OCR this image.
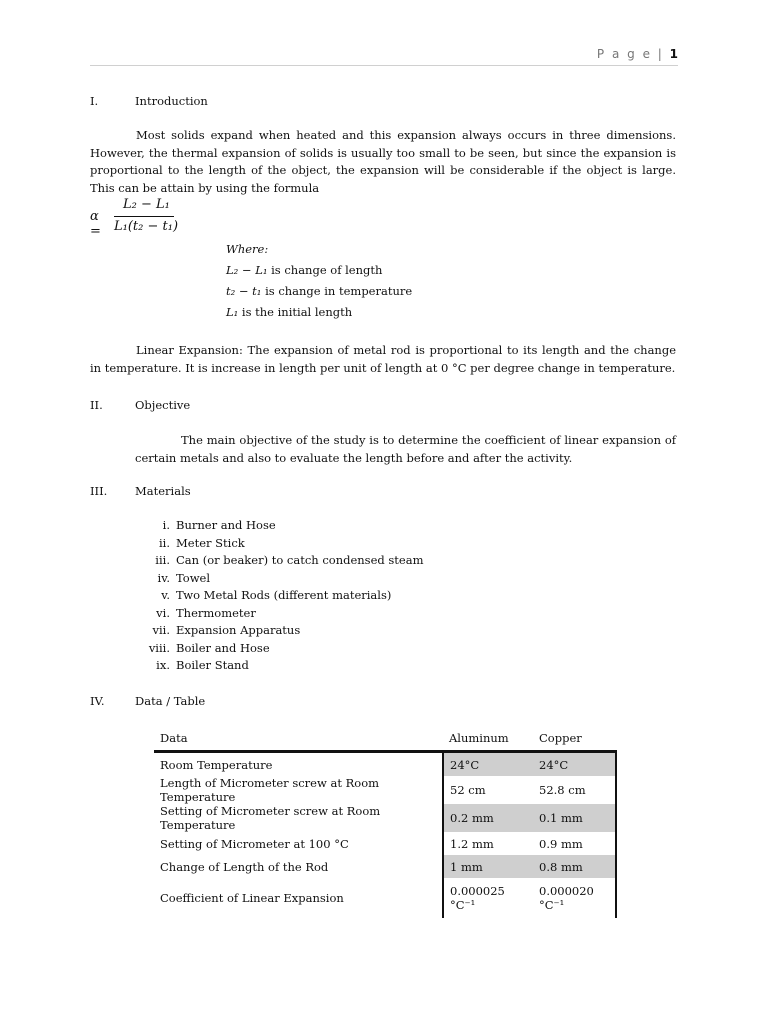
P a g e | 1
I.	Introduction
Most solids expand when heated and this expansion always occurs in three dimensions. However, the thermal expansion of solids is usually too small to be seen, but since the expansion is proportional to the length of the object, the expansion will be considerable if the object is large. This can be attain by using the formula
α =
L₂ − L₁
L₁(t₂ − t₁)
Where:
L₂ − L₁ is change of length
t₂ − t₁ is change in temperature
L₁ is the initial length
Linear Expansion: The expansion of metal rod is proportional to its length and the change in temperature. It is increase in length per unit of length at 0 °C per degree change in temperature.
II.	Objective
The main objective of the study is to determine the coefficient of linear expansion of certain metals and also to evaluate the length before and after the activity.
III. Materials
i. Burner and Hose
ii. Meter Stick
iii. Can (or beaker) to catch condensed steam
iv. Towel
v. Two Metal Rods (different materials)
vi. Thermometer
vii. Expansion Apparatus
viii. Boiler and Hose
ix. Boiler Stand
IV.	Data / Table
Data	Aluminum	Copper
Room Temperature	24°C	24°C
Length of Micrometer screw at Room Temperature	52 cm	52.8 cm
Setting of Micrometer screw at Room Temperature	0.2 mm	0.1 mm
Setting of Micrometer at 100 °C	1.2 mm	0.9 mm
Change of Length of the Rod	1 mm	0.8 mm
Coefficient of Linear Expansion	0.000025 °C⁻¹	0.000020 °C⁻¹
